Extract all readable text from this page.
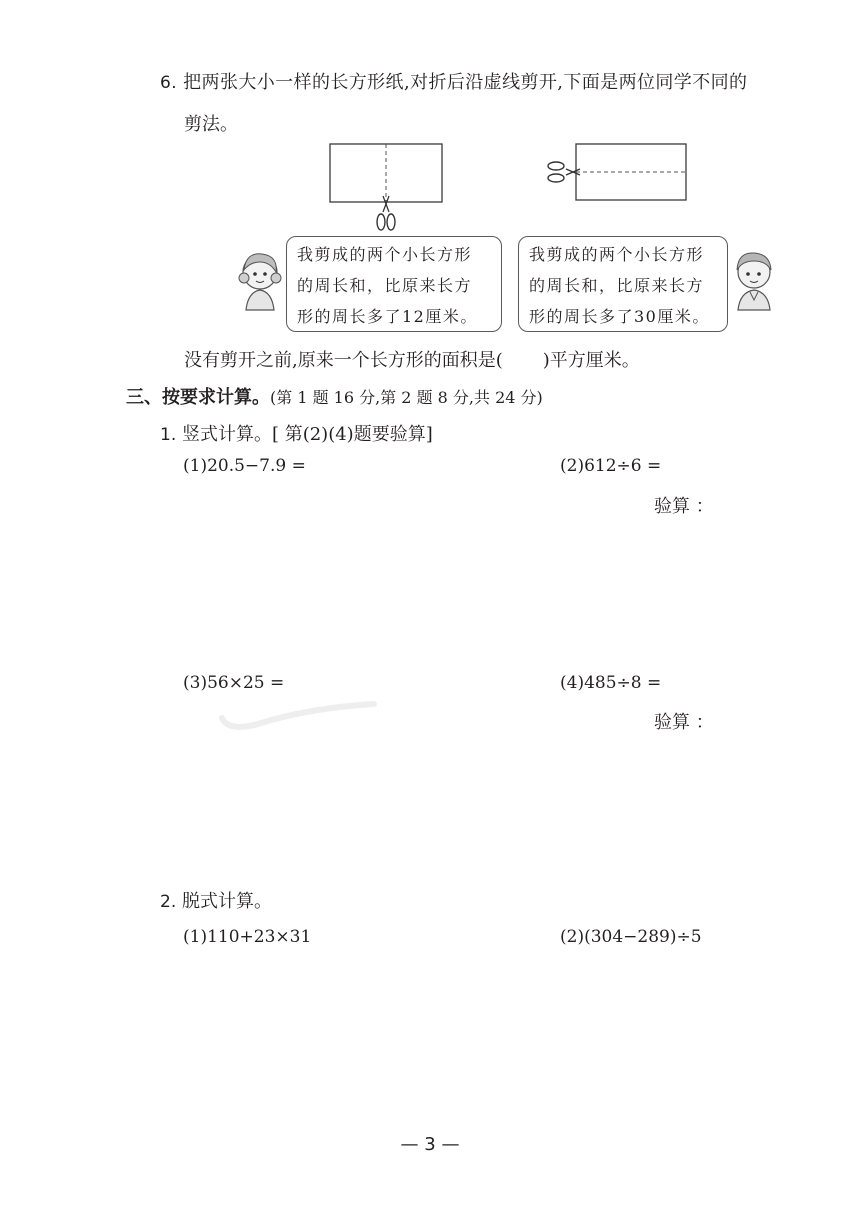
6. 把两张大小一样的长方形纸,对折后沿虚线剪开,下面是两位同学不同的
剪法。
我剪成的两个小长方形
的周长和，比原来长方
形的周长多了12厘米。
我剪成的两个小长方形
的周长和，比原来长方
形的周长多了30厘米。
没有剪开之前,原来一个长方形的面积是( )平方厘米。
三、按要求计算。(第 1 题 16 分,第 2 题 8 分,共 24 分)
1. 竖式计算。[ 第(2)(4)题要验算]
(1)20.5−7.9 =	(2)612÷6 =
验算 ：
(3)56×25 =	(4)485÷8 =
验算 ：
2. 脱式计算。
(1)110+23×31	(2)(304−289)÷5
— 3 —
